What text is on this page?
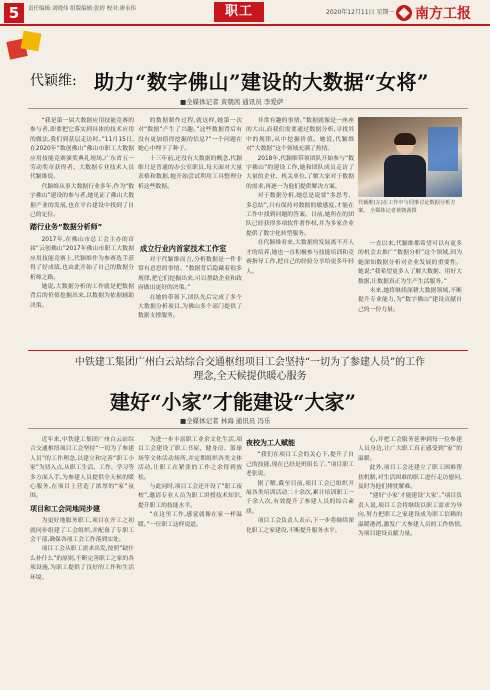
5	责任编辑:刘晓伟 组版编辑:张婷 校对:廖永伟	职工	2020年12月11日 星期一 南方工报
代颖维: 助力“数字佛山”建设的大数据“女将”
■全媒体记者 黄朝茜 通讯员 李爱萨

“我是第一届大数据应用技能竞赛的参与者,即要把它落实到具体的技术应用的做法,我们到基层走访时。”11月15日,在2020年“数创佛山”佛山市职工大数据应用技能竞赛颁奖典礼现场,广东省五一劳动奖章获得者、大数据专业技术人员代颖维说。

代颖维从事大数据行业多年,作为“数字佛山”建设的参与者,她见证了佛山大数据产业的发展,也在平台建设中找到了自己的定位。

踏行业务“数据分析师”

2017年,在佛山市总工会主办的首届“云创佛山”2017年佛山市职工大数据应用技能竞赛上,代颖维作为参赛选手获得了好成绩,也由此开始了自己的数据分析师之路。

她说,大数据分析的工作就是把数据背后的价值挖掘出来,以数据为依据辅助决策。

的数据制作过程,就这样,她第一次对“数据”产生了兴趣。”这些数据背后有没有更加值得挖掘的信息?”一个问题在她心中埋下了种子。

十三年前,还没有大数据的概念,代颖维只是普通的办公室职员,每天面对大量表格和数据,她开始尝试利用工具整理分析这些数据。

成立行业内首家技术工作室

对于代颖维而言,分析数据是一件非常有意思的事情。“数据背后隐藏着很多规律,把它们挖掘出来,可以帮助企业和政府做出更好的决策。”

在她的带领下,团队先后完成了多个大数据分析项目,为佛山多个部门提供了数据支撑服务。

非常有趣的事情。”数据就像是一座座的大山,而我们需要通过数据分析,寻找其中的规律,从中挖掘价值。她说,代颖维对“大数据”这个领域充满了热情。

2018年,代颖维带领团队开始参与“数字佛山”的建设工作,她和团队成员走访了大量的企业、机关单位,了解大家对于数据的需求,再逐一为他们提供解决方案。

对于数据分析,她总是说要“多思考、多总结”,只有保持对数据的敏感度,才能在工作中找到问题的答案。目前,她所在的团队已经获得多项软件著作权,并为多家企业提供了数字化转型服务。

在代颖维看来,大数据的发展离不开人才的培养,她也一直积极参与技能培训和竞赛指导工作,把自己的经验分享给更多年轻人。

代颖维(左)在工作中与同事讨论数据分析方案。 全媒体记者黄朝茜摄

一直以来,代颖维都希望可以有更多的机会去推广“数据分析”这个领域,因为她深知数据分析对企业发展的重要性。她说:“我希望更多人了解大数据、用好大数据,让数据真正为生产生活服务。”

未来,她将继续深耕大数据领域,不断提升专业能力,为“数字佛山”建设贡献自己的一份力量。

中铁建工集团广州白云站综合交通枢纽项目工会坚持“一切为了参建人员”的工作理念,全天候提供暖心服务
建好“小家”才能建设“大家”
■全媒体记者 林海 通讯员 冯乐

近年来,中铁建工集团广州白云站综合交通枢纽项目工会坚持“一切为了参建人员”的工作理念,以建立和完善“职工小家”为切入点,从职工生活、工作、学习等多方面入手,为参建人员提供全天候的暖心服务,在项目上营造了浓厚的“家”氛围。

项目和工会同地同步建

为更好地服务职工,项目在开工之初就同步组建了工会组织,并配备了专职工会干部,确保各项工会工作落到实处。

项目工会从职工需求出发,按照“缺什么补什么”的原则,不断完善职工之家的各项设施,为职工提供了良好的工作和生活环境。

为进一步丰富职工业余文化生活,项目工会建设了职工书屋、健身房、篮球场等文体活动场所,并定期组织各类文体活动,让职工在紧张的工作之余得到放松。

与此同时,项目工会还开设了“职工夜校”,邀请专业人员为职工讲授技术知识,提升职工的技能水平。

“在这里工作,感觉就像在家一样温暖。”一位职工这样说道。

夜校为工人赋能

“我们在项目工会的关心下,提升了自己的技能,现在已经是班组长了。”项目职工老张说。

据了解,截至目前,项目工会已组织开展各类培训活动二十余次,累计培训职工一千余人次,有效提升了参建人员的综合素质。

项目工会负责人表示,下一步将继续深化职工之家建设,不断提升服务水平。

心,并把工会服务延伸到每一位参建人员身边,让广大职工真正感受到“家”的温暖。

此外,项目工会还建立了职工困难帮扶机制,对生活困难的职工进行走访慰问,及时为他们排忧解难。

“建好‘小家’才能建设‘大家’。”项目负责人说,项目工会将继续以职工需求为导向,努力把职工之家建设成为职工信赖的温暖港湾,激发广大参建人员的工作热情,为项目建设贡献力量。
